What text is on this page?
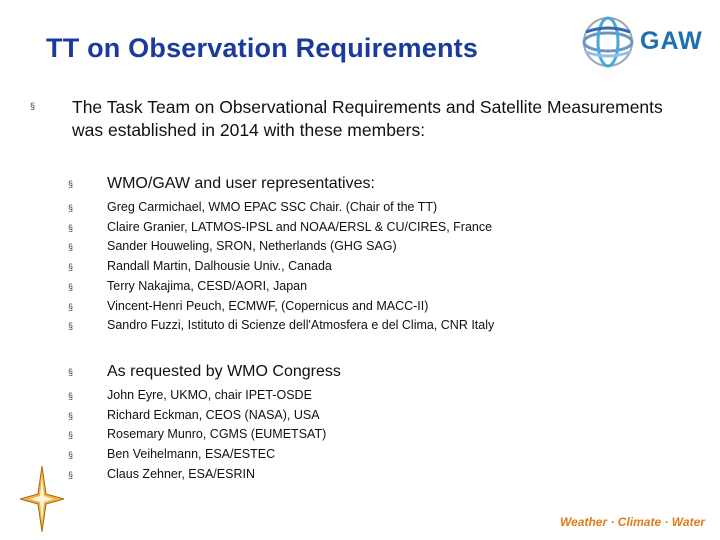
TT on Observation Requirements	GAW
§ The Task Team on Observational Requirements and Satellite Measurements was established in 2014 with these members:
§ WMO/GAW and user representatives:
§	Greg Carmichael, WMO EPAC SSC Chair. (Chair of the TT)
§	Claire Granier, LATMOS-IPSL and NOAA/ERSL & CU/CIRES, France
§	Sander Houweling, SRON, Netherlands (GHG SAG)
§	Randall Martin, Dalhousie Univ., Canada
§	Terry Nakajima, CESD/AORI, Japan
§	Vincent-Henri Peuch, ECMWF, (Copernicus and MACC-II)
§	Sandro Fuzzi, Istituto di Scienze dell'Atmosfera e del Clima, CNR Italy
§ As requested by WMO Congress
§	John Eyre, UKMO, chair IPET-OSDE
§	Richard Eckman, CEOS (NASA), USA
§	Rosemary Munro, CGMS (EUMETSAT)
§	Ben Veihelmann, ESA/ESTEC
§	Claus Zehner, ESA/ESRIN
Weather · Climate · Water
